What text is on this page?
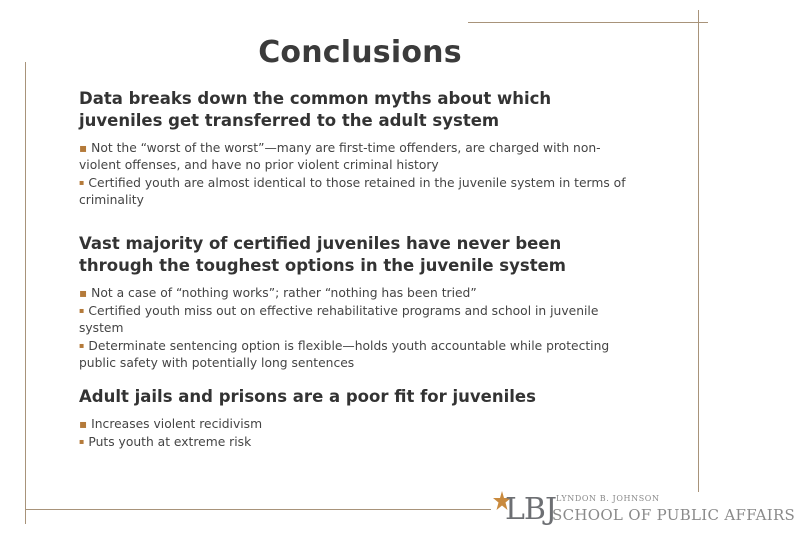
Conclusions

Data breaks down the common myths about which juveniles get transferred to the adult system

▪ Not the “worst of the worst”—many are first-time offenders, are charged with non-violent offenses, and have no prior violent criminal history
▪ Certified youth are almost identical to those retained in the juvenile system in terms of criminality

Vast majority of certified juveniles have never been through the toughest options in the juvenile system

▪ Not a case of “nothing works”; rather “nothing has been tried”
▪ Certified youth miss out on effective rehabilitative programs and school in juvenile system
▪ Determinate sentencing option is flexible—holds youth accountable while protecting public safety with potentially long sentences

Adult jails and prisons are a poor fit for juveniles

▪ Increases violent recidivism
▪ Puts youth at extreme risk
LBJ LYNDON B. JOHNSON
SCHOOL OF PUBLIC AFFAIRS
